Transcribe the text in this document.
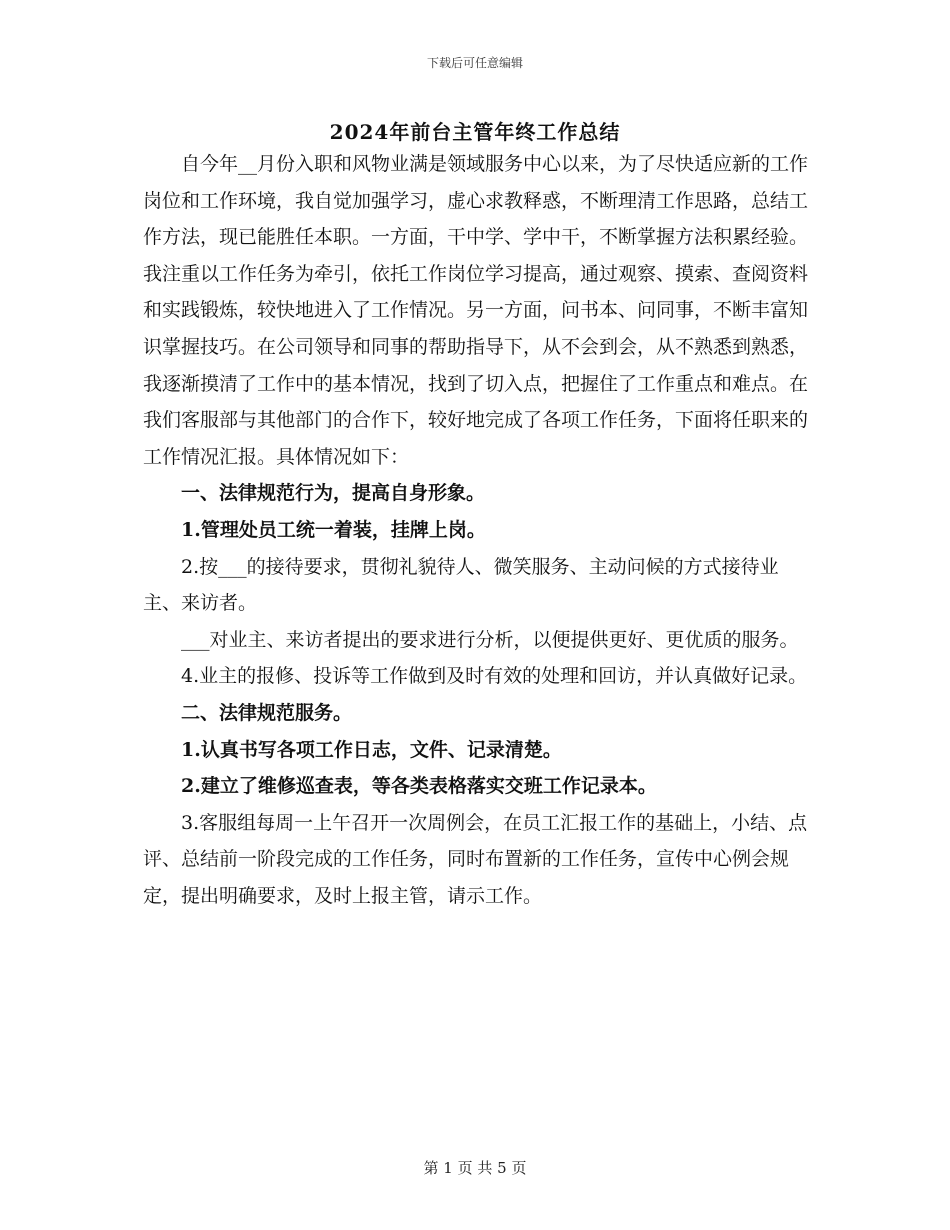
下载后可任意编辑
2024年前台主管年终工作总结

自今年__月份入职和风物业满是领域服务中心以来，为了尽快适应新的工作岗位和工作环境，我自觉加强学习，虚心求教释惑，不断理清工作思路，总结工作方法，现已能胜任本职。一方面，干中学、学中干，不断掌握方法积累经验。我注重以工作任务为牵引，依托工作岗位学习提高，通过观察、摸索、查阅资料和实践锻炼，较快地进入了工作情况。另一方面，问书本、问同事，不断丰富知识掌握技巧。在公司领导和同事的帮助指导下，从不会到会，从不熟悉到熟悉，我逐渐摸清了工作中的基本情况，找到了切入点，把握住了工作重点和难点。在我们客服部与其他部门的合作下，较好地完成了各项工作任务，下面将任职来的工作情况汇报。具体情况如下：

一、法律规范行为，提高自身形象。

1.管理处员工统一着装，挂牌上岗。

2.按___的接待要求，贯彻礼貌待人、微笑服务、主动问候的方式接待业主、来访者。

___对业主、来访者提出的要求进行分析，以便提供更好、更优质的服务。

4.业主的报修、投诉等工作做到及时有效的处理和回访，并认真做好记录。

二、法律规范服务。

1.认真书写各项工作日志，文件、记录清楚。

2.建立了维修巡查表，等各类表格落实交班工作记录本。

3.客服组每周一上午召开一次周例会，在员工汇报工作的基础上，小结、点评、总结前一阶段完成的工作任务，同时布置新的工作任务，宣传中心例会规定，提出明确要求，及时上报主管，请示工作。

第 1 页 共 5 页
